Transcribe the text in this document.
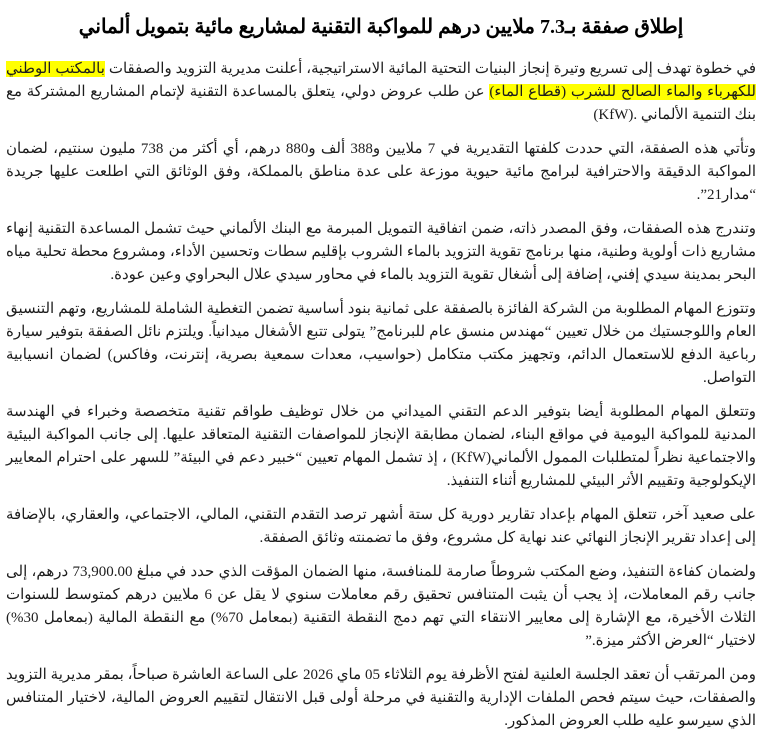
إطلاق صفقة بـ7.3 ملايين درهم للمواكبة التقنية لمشاريع مائية بتمويل ألماني

في خطوة تهدف إلى تسريع وتيرة إنجاز البنيات التحتية المائية الاستراتيجية، أعلنت مديرية التزويد والصفقات بالمكتب الوطني للكهرباء والماء الصالح للشرب (قطاع الماء) عن طلب عروض دولي، يتعلق بالمساعدة التقنية لإتمام المشاريع المشتركة مع بنك التنمية الألماني ‎(KfW).‎

وتأتي هذه الصفقة، التي حددت كلفتها التقديرية في 7 ملايين و388 ألف و880 درهم، أي أكثر من 738 مليون سنتيم، لضمان المواكبة الدقيقة والاحترافية لبرامج مائية حيوية موزعة على عدة مناطق بالمملكة، وفق الوثائق التي اطلعت عليها جريدة “مدار21”.

وتندرج هذه الصفقات، وفق المصدر ذاته، ضمن اتفاقية التمويل المبرمة مع البنك الألماني حيث تشمل المساعدة التقنية إنهاء مشاريع ذات أولوية وطنية، منها برنامج تقوية التزويد بالماء الشروب بإقليم سطات وتحسين الأداء، ومشروع محطة تحلية مياه البحر بمدينة سيدي إفني، إضافة إلى أشغال تقوية التزويد بالماء في محاور سيدي علال البحراوي وعين عودة.

وتتوزع المهام المطلوبة من الشركة الفائزة بالصفقة على ثمانية بنود أساسية تضمن التغطية الشاملة للمشاريع، وتهم التنسيق العام واللوجستيك من خلال تعيين “مهندس منسق عام للبرنامج” يتولى تتبع الأشغال ميدانياً. ويلتزم نائل الصفقة بتوفير سيارة رباعية الدفع للاستعمال الدائم، وتجهيز مكتب متكامل (حواسيب، معدات سمعية بصرية، إنترنت، وفاكس) لضمان انسيابية التواصل.

وتتعلق المهام المطلوبة أيضا بتوفير الدعم التقني الميداني من خلال توظيف طواقم تقنية متخصصة وخبراء في الهندسة المدنية للمواكبة اليومية في مواقع البناء، لضمان مطابقة الإنجاز للمواصفات التقنية المتعاقد عليها. إلى جانب المواكبة البيئية والاجتماعية نظراً لمتطلبات الممول الألماني‎(KfW)‎ ، إذ تشمل المهام تعيين “خبير دعم في البيئة” للسهر على احترام المعايير الإيكولوجية وتقييم الأثر البيئي للمشاريع أثناء التنفيذ.

على صعيد آخر، تتعلق المهام بإعداد تقارير دورية كل ستة أشهر ترصد التقدم التقني، المالي، الاجتماعي، والعقاري، بالإضافة إلى إعداد تقرير الإنجاز النهائي عند نهاية كل مشروع، وفق ما تضمنته وثائق الصفقة.

ولضمان كفاءة التنفيذ، وضع المكتب شروطاً صارمة للمنافسة، منها الضمان المؤقت الذي حدد في مبلغ 73,900.00 درهم، إلى جانب رقم المعاملات، إذ يجب أن يثبت المتنافس تحقيق رقم معاملات سنوي لا يقل عن 6 ملايين درهم كمتوسط للسنوات الثلاث الأخيرة، مع الإشارة إلى معايير الانتقاء التي تهم دمج النقطة التقنية (بمعامل 70%) مع النقطة المالية (بمعامل 30%) لاختيار “العرض الأكثر ميزة.”

ومن المرتقب أن تعقد الجلسة العلنية لفتح الأظرفة يوم الثلاثاء 05 ماي 2026 على الساعة العاشرة صباحاً، بمقر مديرية التزويد والصفقات، حيث سيتم فحص الملفات الإدارية والتقنية في مرحلة أولى قبل الانتقال لتقييم العروض المالية، لاختيار المتنافس الذي سيرسو عليه طلب العروض المذكور.
